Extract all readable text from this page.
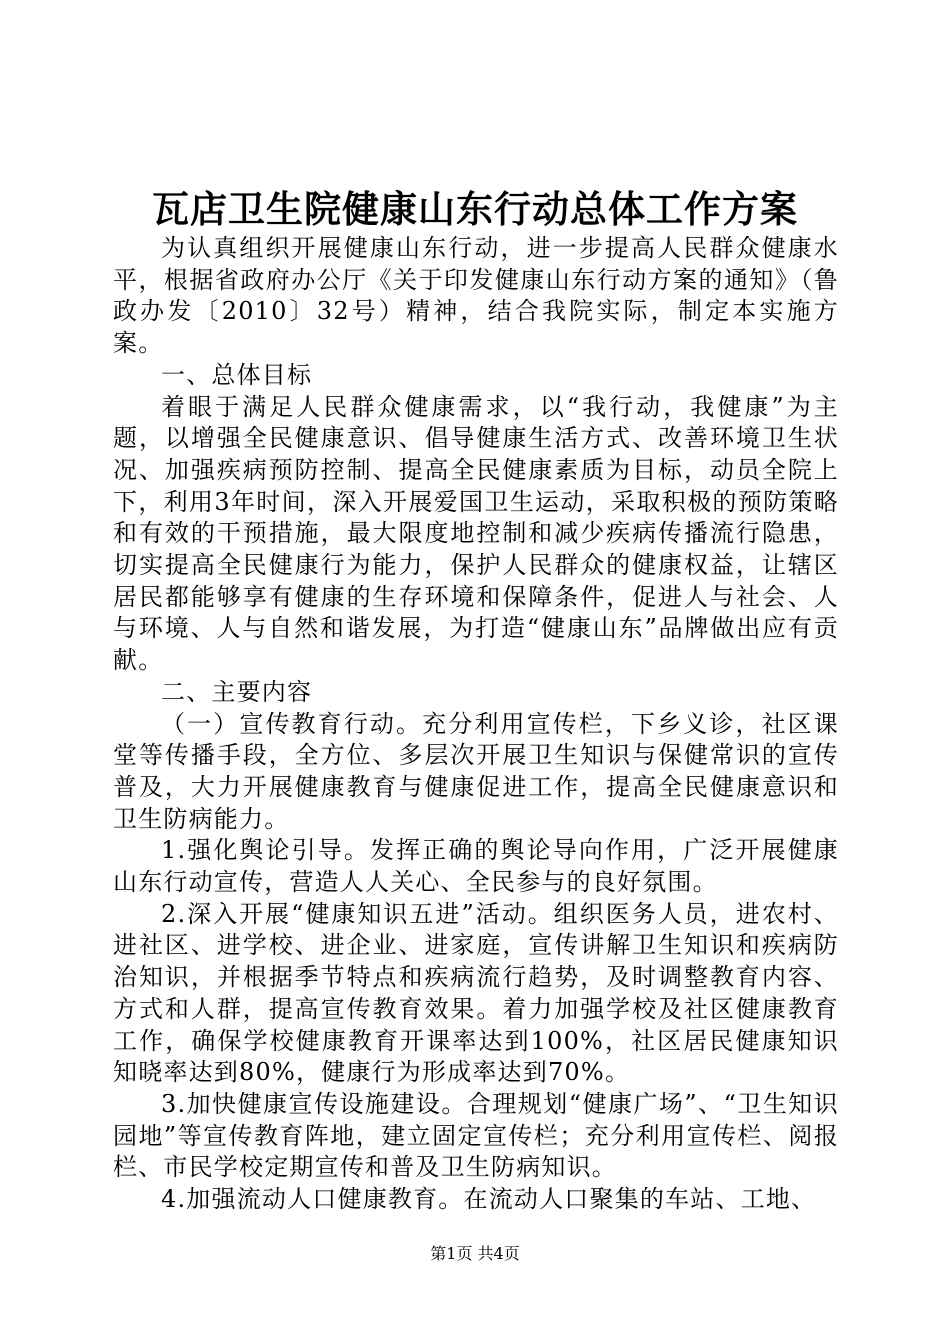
瓦店卫生院健康山东行动总体工作方案

为认真组织开展健康山东行动，进一步提高人民群众健康水平，根据省政府办公厅《关于印发健康山东行动方案的通知》（鲁政办发〔2010〕32号）精神，结合我院实际，制定本实施方案。

一、总体目标

着眼于满足人民群众健康需求，以“我行动，我健康”为主题，以增强全民健康意识、倡导健康生活方式、改善环境卫生状况、加强疾病预防控制、提高全民健康素质为目标，动员全院上下，利用3年时间，深入开展爱国卫生运动，采取积极的预防策略和有效的干预措施，最大限度地控制和减少疾病传播流行隐患，切实提高全民健康行为能力，保护人民群众的健康权益，让辖区居民都能够享有健康的生存环境和保障条件，促进人与社会、人与环境、人与自然和谐发展，为打造“健康山东”品牌做出应有贡献。

二、主要内容

（一）宣传教育行动。充分利用宣传栏，下乡义诊，社区课堂等传播手段，全方位、多层次开展卫生知识与保健常识的宣传普及，大力开展健康教育与健康促进工作，提高全民健康意识和卫生防病能力。

1.强化舆论引导。发挥正确的舆论导向作用，广泛开展健康山东行动宣传，营造人人关心、全民参与的良好氛围。

2.深入开展“健康知识五进”活动。组织医务人员，进农村、进社区、进学校、进企业、进家庭，宣传讲解卫生知识和疾病防治知识，并根据季节特点和疾病流行趋势，及时调整教育内容、方式和人群，提高宣传教育效果。着力加强学校及社区健康教育工作，确保学校健康教育开课率达到100%，社区居民健康知识知晓率达到80%，健康行为形成率达到70%。

3.加快健康宣传设施建设。合理规划“健康广场”、“卫生知识园地”等宣传教育阵地，建立固定宣传栏；充分利用宣传栏、阅报栏、市民学校定期宣传和普及卫生防病知识。

4.加强流动人口健康教育。在流动人口聚集的车站、工地、

第1页 共4页
